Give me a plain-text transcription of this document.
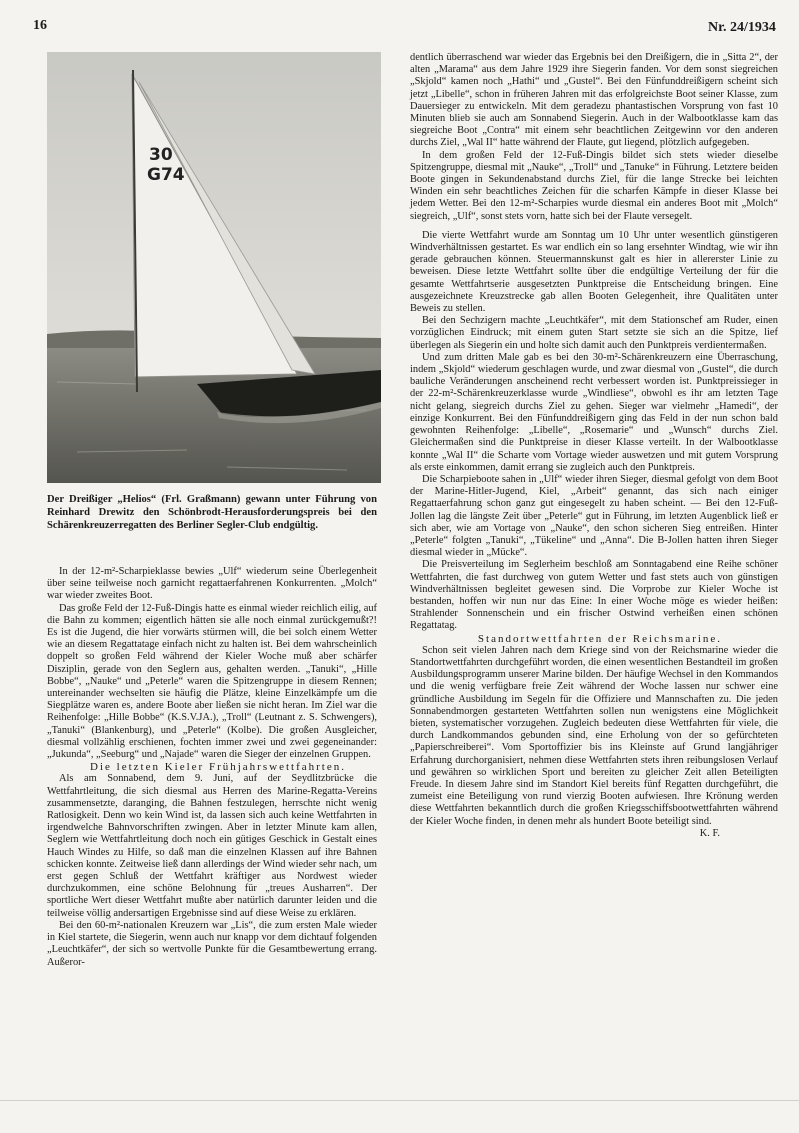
16	Nr. 24/1934
30
G74
Der Dreißiger „Helios“ (Frl. Graßmann) gewann unter Führung von Reinhard Drewitz den Schönbrodt-Herausforderungspreis bei den Schärenkreuzerregatten des Berliner Segler-Club endgültig.

In der 12-m²-Scharpieklasse bewies „Ulf“ wiederum seine Überlegenheit über seine teilweise noch garnicht regattaerfahrenen Konkurrenten. „Molch“ war wieder zweites Boot.

Das große Feld der 12-Fuß-Dingis hatte es einmal wieder reichlich eilig, auf die Bahn zu kommen; eigentlich hätten sie alle noch einmal zurückgemußt?! Es ist die Jugend, die hier vorwärts stürmen will, die bei solch einem Wetter wie an diesem Regattatage einfach nicht zu halten ist. Bei dem wahrscheinlich doppelt so großen Feld während der Kieler Woche muß aber schärfer Disziplin, gerade von den Seglern aus, gehalten werden. „Tanuki“, „Hille Bobbe“, „Nauke“ und „Peterle“ waren die Spitzengruppe in diesem Rennen; untereinander wechselten sie häufig die Plätze, kleine Einzelkämpfe um die Siegplätze waren es, andere Boote aber ließen sie nicht heran. Im Ziel war die Reihenfolge: „Hille Bobbe“ (K.S.V.JA.), „Troll“ (Leutnant z. S. Schwengers), „Tanuki“ (Blankenburg), und „Peterle“ (Kolbe). Die großen Ausgleicher, diesmal vollzählig erschienen, fochten immer zwei und zwei gegeneinander: „Jukunda“, „Seeburg“ und „Najade“ waren die Sieger der einzelnen Gruppen.

Die letzten Kieler Frühjahrswettfahrten.

Als am Sonnabend, dem 9. Juni, auf der Seydlitzbrücke die Wettfahrtleitung, die sich diesmal aus Herren des Marine-Regatta-Vereins zusammensetzte, daranging, die Bahnen festzulegen, herrschte nicht wenig Ratlosigkeit. Denn wo kein Wind ist, da lassen sich auch keine Wettfahrten in irgendwelche Bahnvorschriften zwingen. Aber in letzter Minute kam allen, Seglern wie Wettfahrtleitung doch noch ein gütiges Geschick in Gestalt eines Hauch Windes zu Hilfe, so daß man die einzelnen Klassen auf ihre Bahnen schicken konnte. Zeitweise ließ dann allerdings der Wind wieder sehr nach, um erst gegen Schluß der Wettfahrt kräftiger aus Nordwest wieder durchzukommen, eine schöne Belohnung für „treues Ausharren“. Der sportliche Wert dieser Wettfahrt mußte aber natürlich darunter leiden und die teilweise völlig andersartigen Ergebnisse sind auf diese Weise zu erklären.

Bei den 60-m²-nationalen Kreuzern war „Lis“, die zum ersten Male wieder in Kiel startete, die Siegerin, wenn auch nur knapp vor dem dichtauf folgenden „Leuchtkäfer“, der sich so wertvolle Punkte für die Gesamtbewertung errang. Außeror-

dentlich überraschend war wieder das Ergebnis bei den Dreißigern, die in „Sitta 2“, der alten „Marama“ aus dem Jahre 1929 ihre Siegerin fanden. Vor dem sonst siegreichen „Skjold“ kamen noch „Hathi“ und „Gustel“. Bei den Fünfunddreißigern scheint sich jetzt „Libelle“, schon in früheren Jahren mit das erfolgreichste Boot seiner Klasse, zum Dauersieger zu entwickeln. Mit dem geradezu phantastischen Vorsprung von fast 10 Minuten blieb sie auch am Sonnabend Siegerin. Auch in der Walbootklasse kam das siegreiche Boot „Contra“ mit einem sehr beachtlichen Zeitgewinn vor den anderen durchs Ziel, „Wal II“ hatte während der Flaute, gut liegend, plötzlich aufgegeben.

In dem großen Feld der 12-Fuß-Dingis bildet sich stets wieder dieselbe Spitzengruppe, diesmal mit „Nauke“, „Troll“ und „Tanuke“ in Führung. Letztere beiden Boote gingen in Sekundenabstand durchs Ziel, für die lange Strecke bei leichten Winden ein sehr beachtliches Zeichen für die scharfen Kämpfe in dieser Klasse bei jedem Wetter. Bei den 12-m²-Scharpies wurde diesmal ein anderes Boot mit „Molch“ siegreich, „Ulf“, sonst stets vorn, hatte sich bei der Flaute versegelt.

Die vierte Wettfahrt wurde am Sonntag um 10 Uhr unter wesentlich günstigeren Windverhältnissen gestartet. Es war endlich ein so lang ersehnter Windtag, wie wir ihn gerade gebrauchen können. Steuermannskunst galt es hier in allererster Linie zu beweisen. Diese letzte Wettfahrt sollte über die endgültige Verteilung der für die gesamte Wettfahrtserie ausgesetzten Punktpreise die Entscheidung bringen. Eine ausgezeichnete Kreuzstrecke gab allen Booten Gelegenheit, ihre Qualitäten unter Beweis zu stellen.

Bei den Sechzigern machte „Leuchtkäfer“, mit dem Stationschef am Ruder, einen vorzüglichen Eindruck; mit einem guten Start setzte sie sich an die Spitze, lief überlegen als Siegerin ein und holte sich damit auch den Punktpreis verdientermaßen.

Und zum dritten Male gab es bei den 30-m²-Schärenkreuzern eine Überraschung, indem „Skjold“ wiederum geschlagen wurde, und zwar diesmal von „Gustel“, die durch bauliche Veränderungen anscheinend recht verbessert worden ist. Punktpreissieger in der 22-m²-Schärenkreuzerklasse wurde „Windliese“, obwohl es ihr am letzten Tage nicht gelang, siegreich durchs Ziel zu gehen. Sieger war vielmehr „Hamedi“, der einzige Konkurrent. Bei den Fünfunddreißigern ging das Feld in der nun schon bald gewohnten Reihenfolge: „Libelle“, „Rosemarie“ und „Wunsch“ durchs Ziel. Gleichermaßen sind die Punktpreise in dieser Klasse verteilt. In der Walbootklasse konnte „Wal II“ die Scharte vom Vortage wieder auswetzen und mit gutem Vorsprung als erste einkommen, damit errang sie zugleich auch den Punktpreis.

Die Scharpieboote sahen in „Ulf“ wieder ihren Sieger, diesmal gefolgt von dem Boot der Marine-Hitler-Jugend, Kiel, „Arbeit“ genannt, das sich nach einiger Regattaerfahrung schon ganz gut eingesegelt zu haben scheint. — Bei den 12-Fuß-Jollen lag die längste Zeit über „Peterle“ gut in Führung, im letzten Augenblick ließ er sich aber, wie am Vortage von „Nauke“, den schon sicheren Sieg entreißen. Hinter „Peterle“ folgten „Tanuki“, „Tükeline“ und „Anna“. Die B-Jollen hatten ihren Sieger diesmal wieder in „Mücke“.

Die Preisverteilung im Seglerheim beschloß am Sonntagabend eine Reihe schöner Wettfahrten, die fast durchweg von gutem Wetter und fast stets auch von günstigen Windverhältnissen begleitet gewesen sind. Die Vorprobe zur Kieler Woche ist bestanden, hoffen wir nun nur das Eine: In einer Woche möge es wieder heißen: Strahlender Sonnenschein und ein frischer Ostwind verheißen einen schönen Regattatag.

Standortwettfahrten der Reichsmarine.

Schon seit vielen Jahren nach dem Kriege sind von der Reichsmarine wieder die Standortwettfahrten durchgeführt worden, die einen wesentlichen Bestandteil im großen Ausbildungsprogramm unserer Marine bilden. Der häufige Wechsel in den Kommandos und die wenig verfügbare freie Zeit während der Woche lassen nur schwer eine gründliche Ausbildung im Segeln für die Offiziere und Mannschaften zu. Die jeden Sonnabendmorgen gestarteten Wettfahrten sollen nun wenigstens eine Möglichkeit bieten, systematischer vorzugehen. Zugleich bedeuten diese Wettfahrten für viele, die durch Landkommandos gebunden sind, eine Erholung von der so gefürchteten „Papierschreiberei“. Vom Sportoffizier bis ins Kleinste auf Grund langjähriger Erfahrung durchorganisiert, nehmen diese Wettfahrten stets ihren reibungslosen Verlauf und gewähren so wirklichen Sport und bereiten zu gleicher Zeit allen Beteiligten Freude. In diesem Jahre sind im Standort Kiel bereits fünf Regatten durchgeführt, die zumeist eine Beteiligung von rund vierzig Booten aufwiesen. Ihre Krönung werden diese Wettfahrten bekanntlich durch die großen Kriegsschiffsbootwettfahrten während der Kieler Woche finden, in denen mehr als hundert Boote beteiligt sind.

K. F.
